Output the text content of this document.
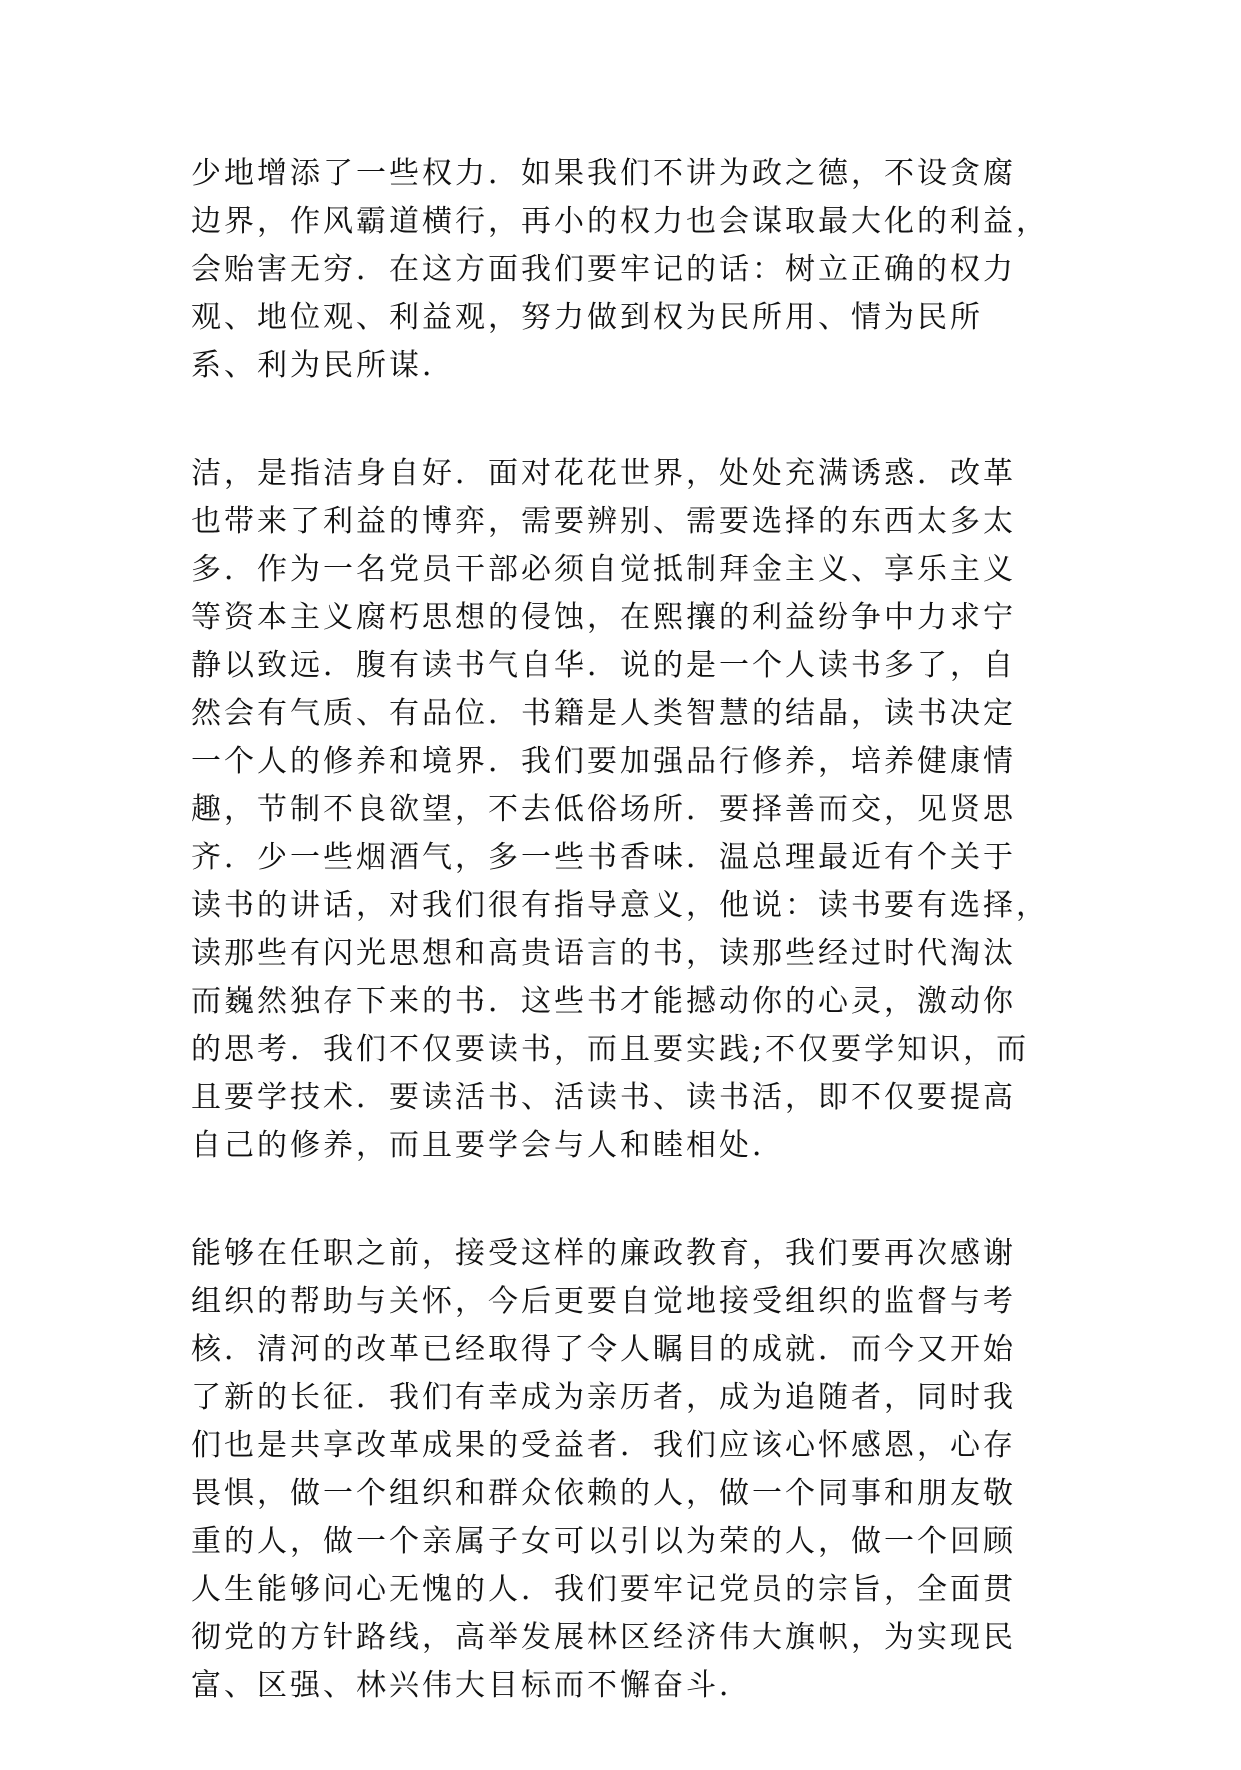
少地增添了一些权力．如果我们不讲为政之德，不设贪腐
边界，作风霸道横行，再小的权力也会谋取最大化的利益，
会贻害无穷．在这方面我们要牢记的话：树立正确的权力
观、地位观、利益观，努力做到权为民所用、情为民所
系、利为民所谋．
洁，是指洁身自好．面对花花世界，处处充满诱惑．改革
也带来了利益的博弈，需要辨别、需要选择的东西太多太
多．作为一名党员干部必须自觉抵制拜金主义、享乐主义
等资本主义腐朽思想的侵蚀，在熙攘的利益纷争中力求宁
静以致远．腹有读书气自华．说的是一个人读书多了，自
然会有气质、有品位．书籍是人类智慧的结晶，读书决定
一个人的修养和境界．我们要加强品行修养，培养健康情
趣，节制不良欲望，不去低俗场所．要择善而交，见贤思
齐．少一些烟酒气，多一些书香味．温总理最近有个关于
读书的讲话，对我们很有指导意义，他说：读书要有选择，
读那些有闪光思想和高贵语言的书，读那些经过时代淘汰
而巍然独存下来的书．这些书才能撼动你的心灵，激动你
的思考．我们不仅要读书，而且要实践;不仅要学知识，而
且要学技术．要读活书、活读书、读书活，即不仅要提高
自己的修养，而且要学会与人和睦相处．
能够在任职之前，接受这样的廉政教育，我们要再次感谢
组织的帮助与关怀，今后更要自觉地接受组织的监督与考
核．清河的改革已经取得了令人瞩目的成就．而今又开始
了新的长征．我们有幸成为亲历者，成为追随者，同时我
们也是共享改革成果的受益者．我们应该心怀感恩，心存
畏惧，做一个组织和群众依赖的人，做一个同事和朋友敬
重的人，做一个亲属子女可以引以为荣的人，做一个回顾
人生能够问心无愧的人．我们要牢记党员的宗旨，全面贯
彻党的方针路线，高举发展林区经济伟大旗帜，为实现民
富、区强、林兴伟大目标而不懈奋斗．
